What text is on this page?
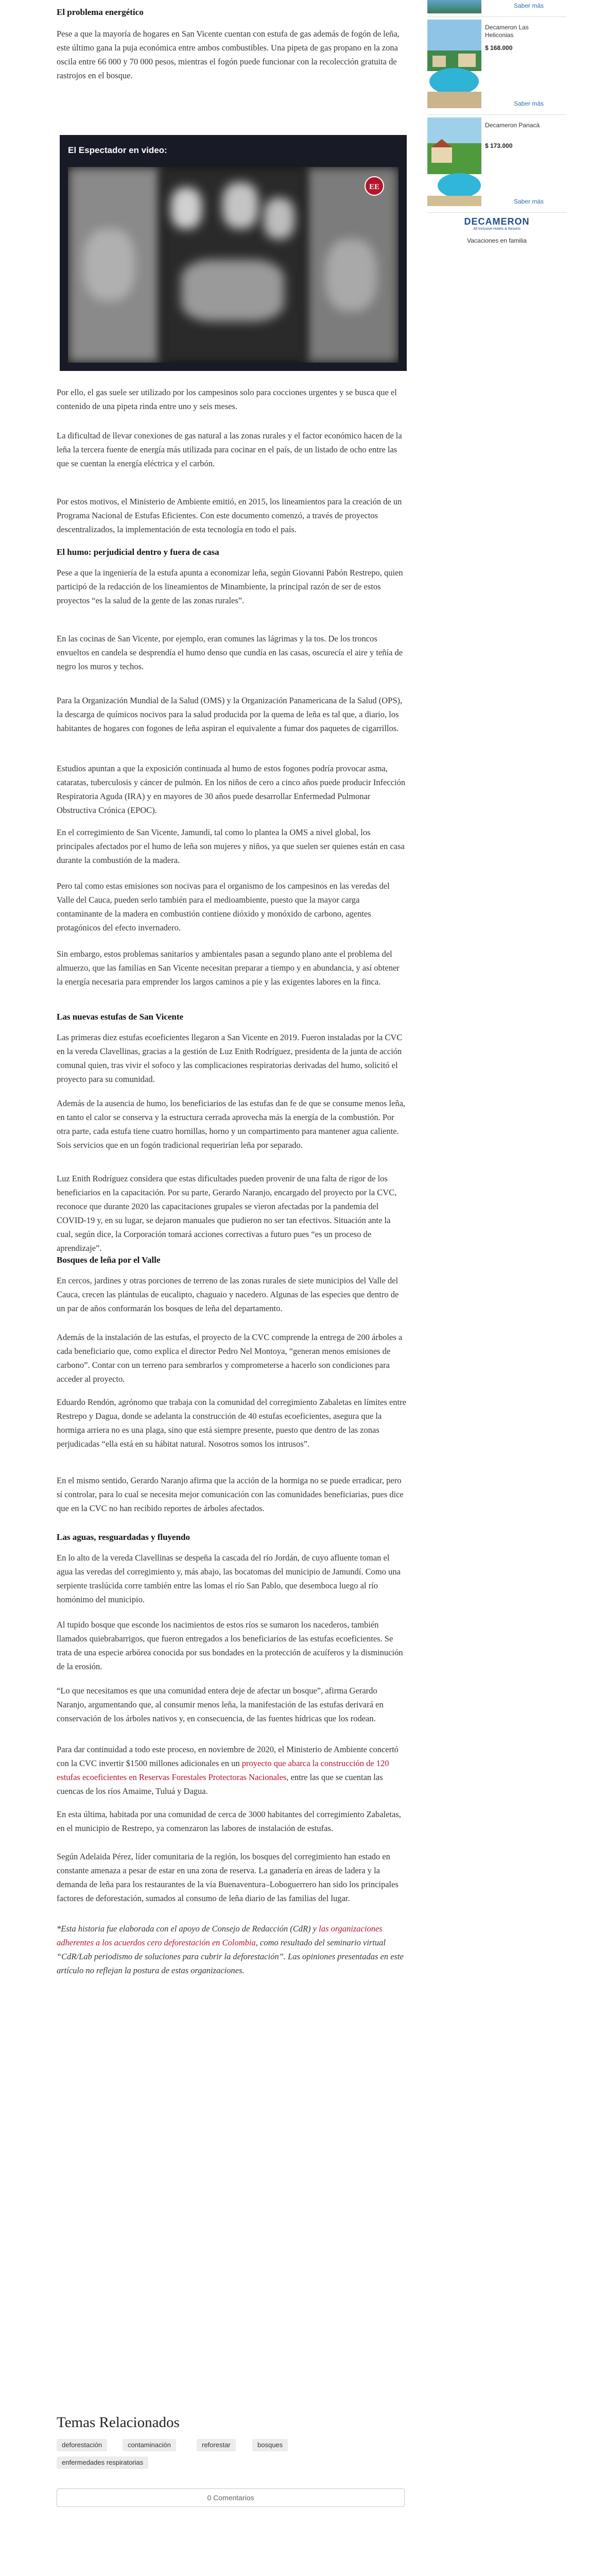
Saber más
Decameron Las Heliconias
$ 168.000
Saber más
Decameron Panacá
$ 173.000
Saber más
DECAMERON
All Inclusive Hotels & Resorts
Vacaciones en familia
El problema energético

Pese a que la mayoría de hogares en San Vicente cuentan con estufa de gas además de fogón de leña, este último gana la puja económica entre ambos combustibles. Una pipeta de gas propano en la zona oscila entre 66 000 y 70 000 pesos, mientras el fogón puede funcionar con la recolección gratuita de rastrojos en el bosque.

El Espectador en video:
EE

Por ello, el gas suele ser utilizado por los campesinos solo para cocciones urgentes y se busca que el contenido de una pipeta rinda entre uno y seis meses.

La dificultad de llevar conexiones de gas natural a las zonas rurales y el factor económico hacen de la leña la tercera fuente de energía más utilizada para cocinar en el país, de un listado de ocho entre las que se cuentan la energía eléctrica y el carbón.

Por estos motivos, el Ministerio de Ambiente emitió, en 2015, los lineamientos para la creación de un Programa Nacional de Estufas Eficientes. Con este documento comenzó, a través de proyectos descentralizados, la implementación de esta tecnología en todo el país.

El humo: perjudicial dentro y fuera de casa

Pese a que la ingeniería de la estufa apunta a economizar leña, según Giovanni Pabón Restrepo, quien participó de la redacción de los lineamientos de Minambiente, la principal razón de ser de estos proyectos “es la salud de la gente de las zonas rurales”.

En las cocinas de San Vicente, por ejemplo, eran comunes las lágrimas y la tos. De los troncos envueltos en candela se desprendía el humo denso que cundía en las casas, oscurecía el aire y teñía de negro los muros y techos.

Para la Organización Mundial de la Salud (OMS) y la Organización Panamericana de la Salud (OPS), la descarga de químicos nocivos para la salud producida por la quema de leña es tal que, a diario, los habitantes de hogares con fogones de leña aspiran el equivalente a fumar dos paquetes de cigarrillos.

Estudios apuntan a que la exposición continuada al humo de estos fogones podría provocar asma, cataratas, tuberculosis y cáncer de pulmón. En los niños de cero a cinco años puede producir Infección Respiratoria Aguda (IRA) y en mayores de 30 años puede desarrollar Enfermedad Pulmonar Obstructiva Crónica (EPOC).

En el corregimiento de San Vicente, Jamundí, tal como lo plantea la OMS a nivel global, los principales afectados por el humo de leña son mujeres y niños, ya que suelen ser quienes están en casa durante la combustión de la madera.

Pero tal como estas emisiones son nocivas para el organismo de los campesinos en las veredas del Valle del Cauca, pueden serlo también para el medioambiente, puesto que la mayor carga contaminante de la madera en combustión contiene dióxido y monóxido de carbono, agentes protagónicos del efecto invernadero.

Sin embargo, estos problemas sanitarios y ambientales pasan a segundo plano ante el problema del almuerzo, que las familias en San Vicente necesitan preparar a tiempo y en abundancia, y así obtener la energía necesaria para emprender los largos caminos a pie y las exigentes labores en la finca.

Las nuevas estufas de San Vicente

Las primeras diez estufas ecoeficientes llegaron a San Vicente en 2019. Fueron instaladas por la CVC en la vereda Clavellinas, gracias a la gestión de Luz Enith Rodríguez, presidenta de la junta de acción comunal quien, tras vivir el sofoco y las complicaciones respiratorias derivadas del humo, solicitó el proyecto para su comunidad.

Además de la ausencia de humo, los beneficiarios de las estufas dan fe de que se consume menos leña, en tanto el calor se conserva y la estructura cerrada aprovecha más la energía de la combustión. Por otra parte, cada estufa tiene cuatro hornillas, horno y un compartimento para mantener agua caliente. Sois servicios que en un fogón tradicional requerirían leña por separado.

Luz Enith Rodríguez considera que estas dificultades pueden provenir de una falta de rigor de los beneficiarios en la capacitación. Por su parte, Gerardo Naranjo, encargado del proyecto por la CVC, reconoce que durante 2020 las capacitaciones grupales se vieron afectadas por la pandemia del COVID-19 y, en su lugar, se dejaron manuales que pudieron no ser tan efectivos. Situación ante la cual, según dice, la Corporación tomará acciones correctivas a futuro pues “es un proceso de aprendizaje”.

Bosques de leña por el Valle

En cercos, jardines y otras porciones de terreno de las zonas rurales de siete municipios del Valle del Cauca, crecen las plántulas de eucalipto, chaguaio y nacedero. Algunas de las especies que dentro de un par de años conformarán los bosques de leña del departamento.

Además de la instalación de las estufas, el proyecto de la CVC comprende la entrega de 200 árboles a cada beneficiario que, como explica el director Pedro Nel Montoya, “generan menos emisiones de carbono”. Contar con un terreno para sembrarlos y comprometerse a hacerlo son condiciones para acceder al proyecto.

Eduardo Rendón, agrónomo que trabaja con la comunidad del corregimiento Zabaletas en límites entre Restrepo y Dagua, donde se adelanta la construcción de 40 estufas ecoeficientes, asegura que la hormiga arriera no es una plaga, sino que está siempre presente, puesto que dentro de las zonas perjudicadas “ella está en su hábitat natural. Nosotros somos los intrusos”.

En el mismo sentido, Gerardo Naranjo afirma que la acción de la hormiga no se puede erradicar, pero sí controlar, para lo cual se necesita mejor comunicación con las comunidades beneficiarias, pues dice que en la CVC no han recibido reportes de árboles afectados.

Las aguas, resguardadas y fluyendo

En lo alto de la vereda Clavellinas se despeña la cascada del río Jordán, de cuyo afluente toman el agua las veredas del corregimiento y, más abajo, las bocatomas del municipio de Jamundí. Como una serpiente traslúcida corre también entre las lomas el río San Pablo, que desemboca luego al río homónimo del municipio.

Al tupido bosque que esconde los nacimientos de estos ríos se sumaron los nacederos, también llamados quiebrabarrigos, que fueron entregados a los beneficiarios de las estufas ecoeficientes. Se trata de una especie arbórea conocida por sus bondades en la protección de acuíferos y la disminución de la erosión.

“Lo que necesitamos es que una comunidad entera deje de afectar un bosque”, afirma Gerardo Naranjo, argumentando que, al consumir menos leña, la manifestación de las estufas derivará en conservación de los árboles nativos y, en consecuencia, de las fuentes hídricas que los rodean.

Para dar continuidad a todo este proceso, en noviembre de 2020, el Ministerio de Ambiente concertó con la CVC invertir $1500 millones adicionales en un proyecto que abarca la construcción de 120 estufas ecoeficientes en Reservas Forestales Protectoras Nacionales, entre las que se cuentan las cuencas de los ríos Amaime, Tuluá y Dagua.

En esta última, habitada por una comunidad de cerca de 3000 habitantes del corregimiento Zabaletas, en el municipio de Restrepo, ya comenzaron las labores de instalación de estufas.

Según Adelaida Pérez, líder comunitaria de la región, los bosques del corregimiento han estado en constante amenaza a pesar de estar en una zona de reserva. La ganadería en áreas de ladera y la demanda de leña para los restaurantes de la vía Buenaventura–Loboguerrero han sido los principales factores de deforestación, sumados al consumo de leña diario de las familias del lugar.

*Esta historia fue elaborada con el apoyo de Consejo de Redacción (CdR) y las organizaciones adherentes a los acuerdos cero deforestación en Colombia, como resultado del seminario virtual “CdR/Lab periodismo de soluciones para cubrir la deforestación”. Las opiniones presentadas en este artículo no reflejan la postura de estas organizaciones.

Temas Relacionados
deforestación	contaminación	reforestar	bosques
enfermedades respiratorias
0 Comentarios
